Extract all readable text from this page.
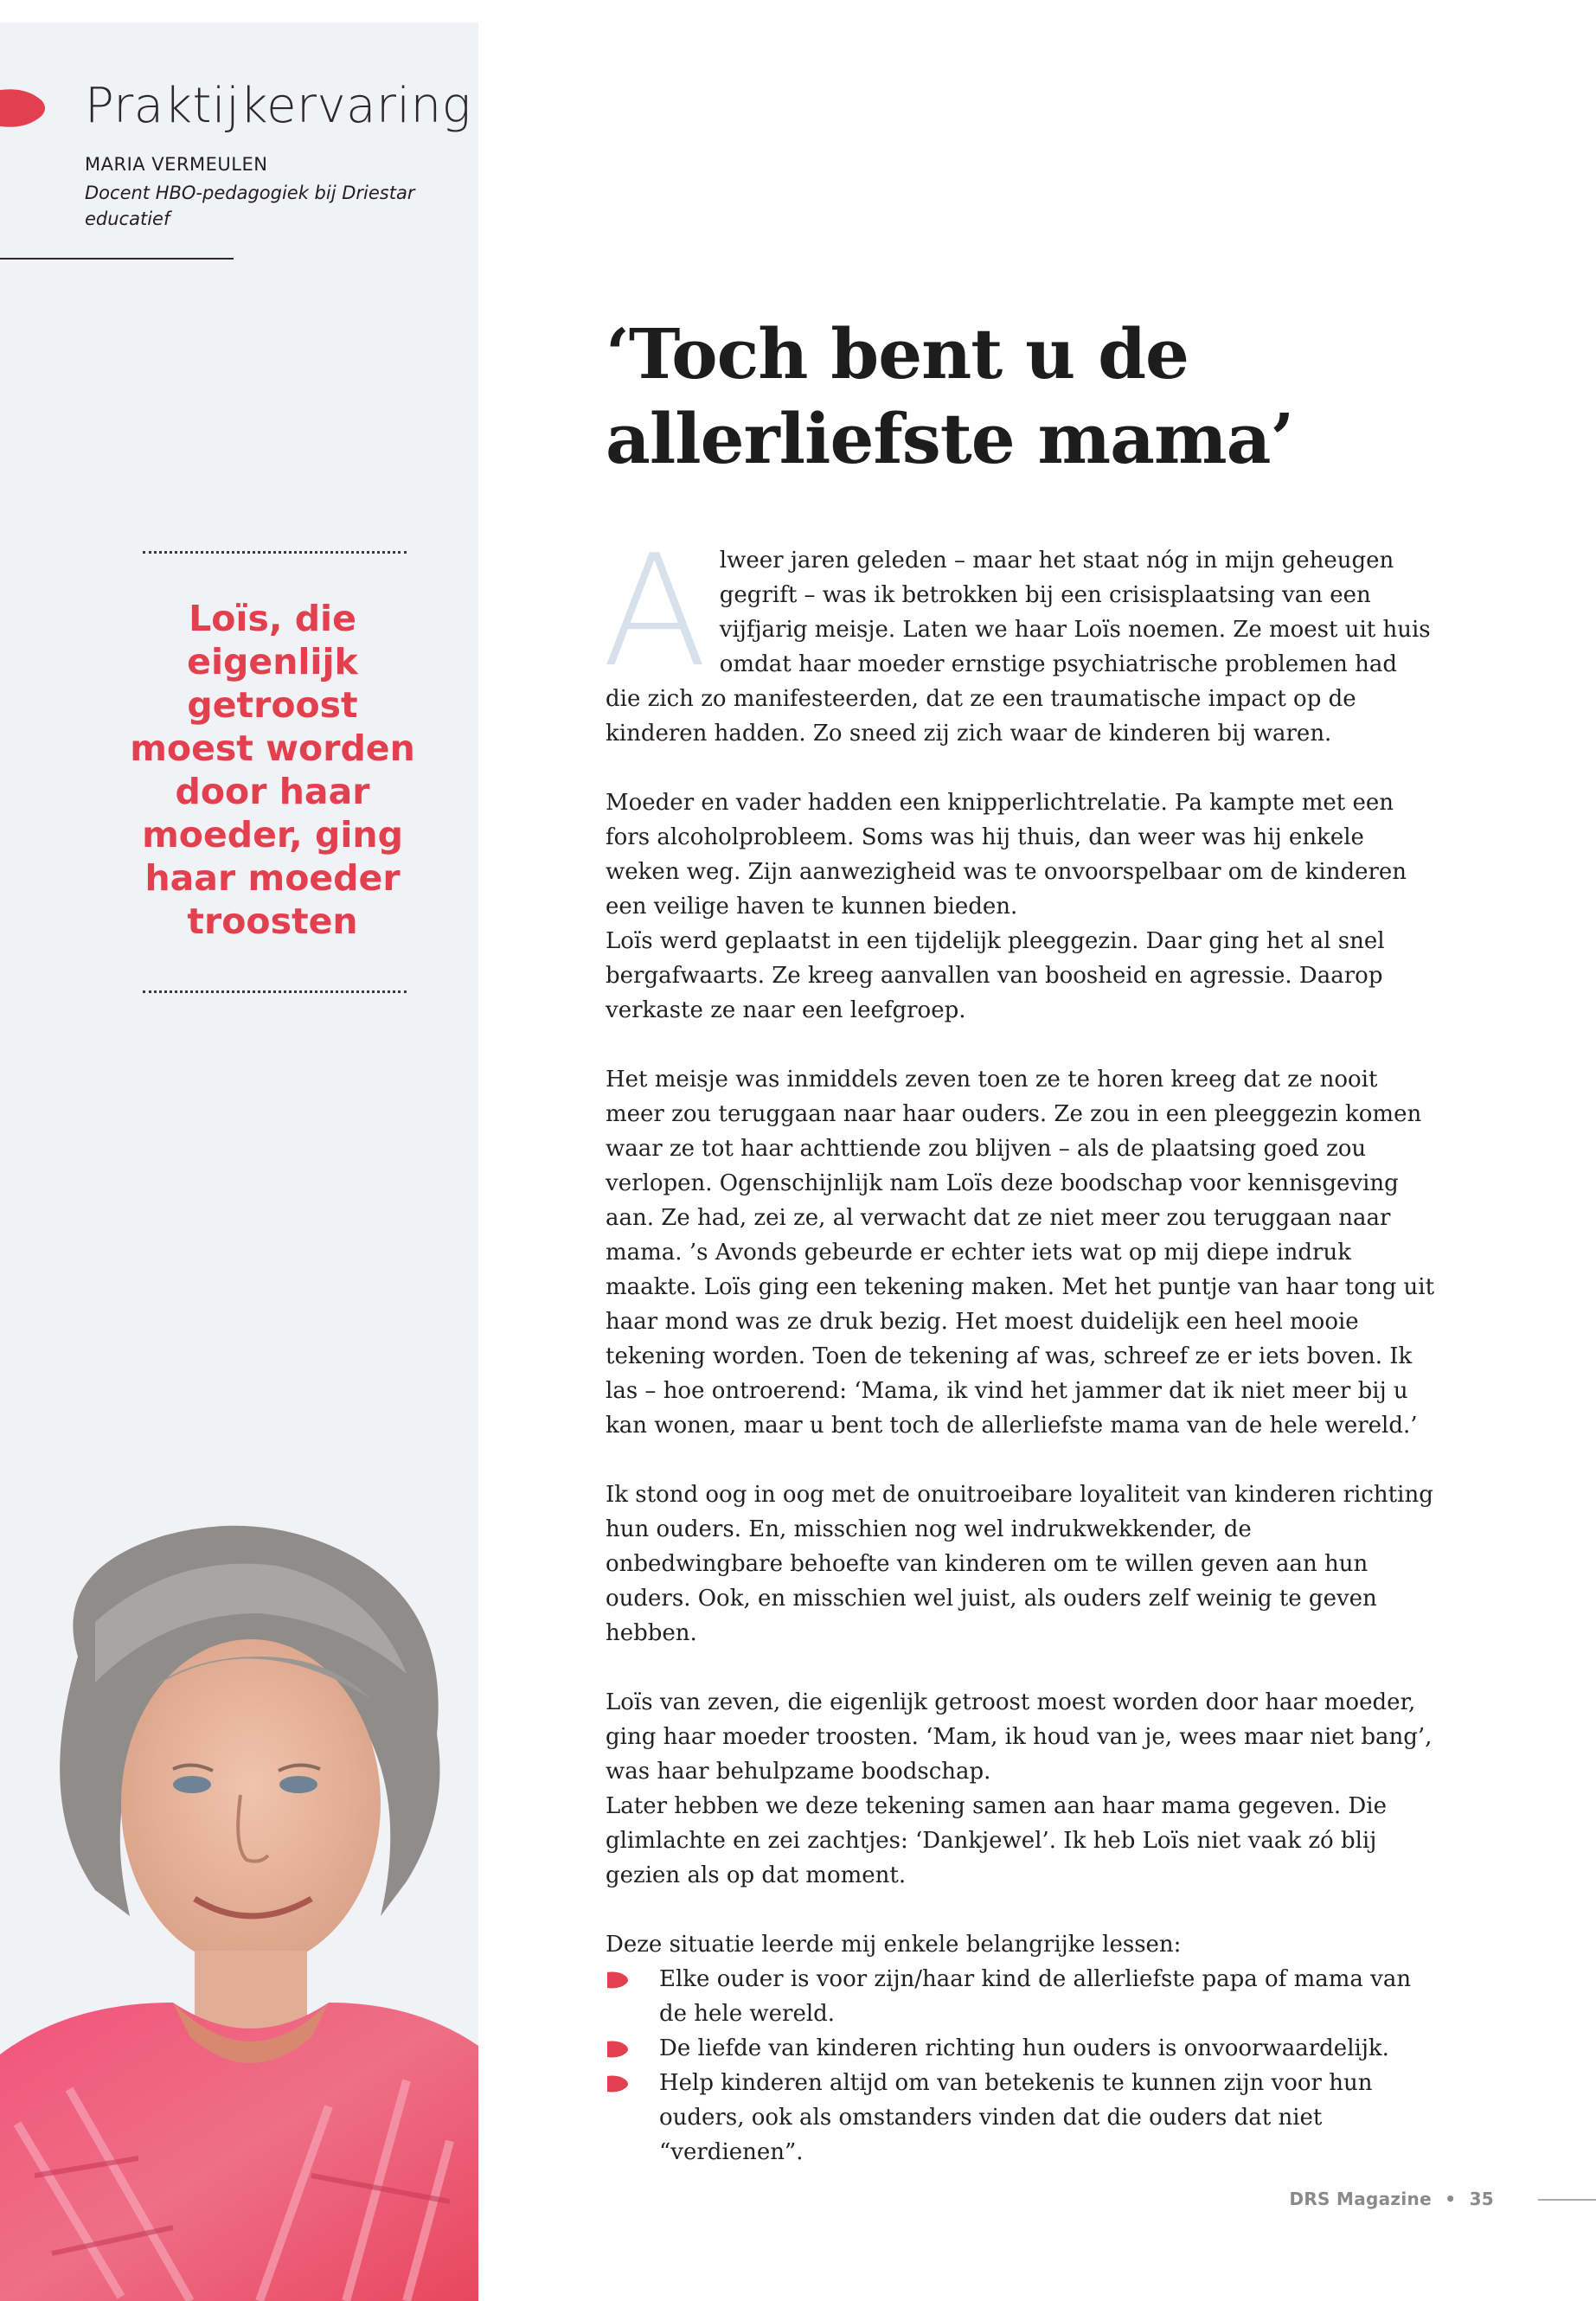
Praktijkervaring
MARIA VERMEULEN
Docent HBO-pedagogiek bij Driestar educatief
Loïs, die eigenlijk getroost moest worden door haar moeder, ging haar moeder troosten
‘Toch bent u de
allerliefste mama’

Alweer jaren geleden – maar het staat nóg in mijn geheugen gegrift – was ik betrokken bij een crisisplaatsing van een vijfjarig meisje. Laten we haar Loïs noemen. Ze moest uit huis omdat haar moeder ernstige psychiatrische problemen had die zich zo manifesteerden, dat ze een traumatische impact op de kinderen hadden. Zo sneed zij zich waar de kinderen bij waren.

Moeder en vader hadden een knipperlichtrelatie. Pa kampte met een fors alcoholprobleem. Soms was hij thuis, dan weer was hij enkele weken weg. Zijn aanwezigheid was te onvoorspelbaar om de kinderen een veilige haven te kunnen bieden.

Loïs werd geplaatst in een tijdelijk pleeggezin. Daar ging het al snel bergafwaarts. Ze kreeg aanvallen van boosheid en agressie. Daarop verkaste ze naar een leefgroep.

Het meisje was inmiddels zeven toen ze te horen kreeg dat ze nooit meer zou teruggaan naar haar ouders. Ze zou in een pleeggezin komen waar ze tot haar achttiende zou blijven – als de plaatsing goed zou verlopen. Ogenschijnlijk nam Loïs deze boodschap voor kennisgeving aan. Ze had, zei ze, al verwacht dat ze niet meer zou teruggaan naar mama. ’s Avonds gebeurde er echter iets wat op mij diepe indruk maakte. Loïs ging een tekening maken. Met het puntje van haar tong uit haar mond was ze druk bezig. Het moest duidelijk een heel mooie tekening worden. Toen de tekening af was, schreef ze er iets boven. Ik las – hoe ontroerend: ‘Mama, ik vind het jammer dat ik niet meer bij u kan wonen, maar u bent toch de allerliefste mama van de hele wereld.’

Ik stond oog in oog met de onuitroeibare loyaliteit van kinderen richting hun ouders. En, misschien nog wel indrukwekkender, de onbedwingbare behoefte van kinderen om te willen geven aan hun ouders. Ook, en misschien wel juist, als ouders zelf weinig te geven hebben.

Loïs van zeven, die eigenlijk getroost moest worden door haar moeder, ging haar moeder troosten. ‘Mam, ik houd van je, wees maar niet bang’, was haar behulpzame boodschap.

Later hebben we deze tekening samen aan haar mama gegeven. Die glimlachte en zei zachtjes: ‘Dankjewel’. Ik heb Loïs niet vaak zó blij gezien als op dat moment.

Deze situatie leerde mij enkele belangrijke lessen:

Elke ouder is voor zijn/haar kind de allerliefste papa of mama van de hele wereld.
De liefde van kinderen richting hun ouders is onvoorwaardelijk.
Help kinderen altijd om van betekenis te kunnen zijn voor hun ouders, ook als omstanders vinden dat die ouders dat niet “verdienen”.
DRS Magazine • 35
